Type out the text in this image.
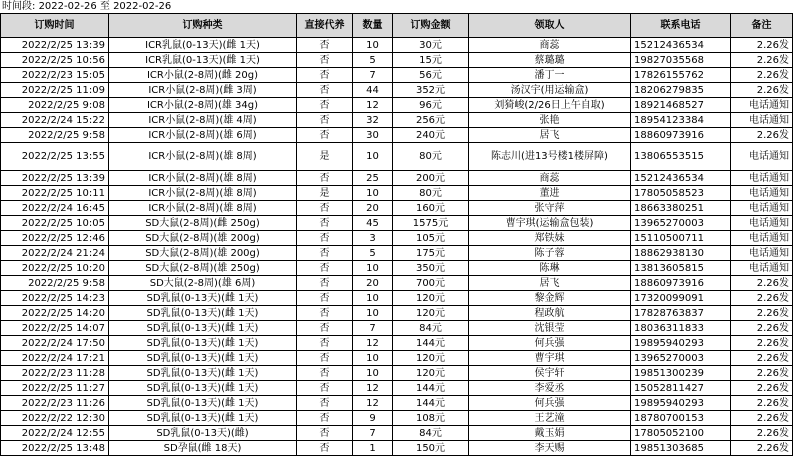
时间段: 2022-02-26 至 2022-02-26
订购时间	订购种类	直接代养	数量	订购金额	领取人	联系电话	备注
2022/2/25 13:39	ICR乳鼠(0-13天)(雌 1天)	否	10	30元	商蕊	15212436534	2.26发
2022/2/25 10:56	ICR乳鼠(0-13天)(雌 1天)	否	5	15元	蔡璐璐	19827035568	2.26发
2022/2/23 15:05	ICR小鼠(2-8周)(雌 20g)	否	7	56元	潘丁一	17826155762	2.26发
2022/2/25 11:09	ICR小鼠(2-8周)(雌 3周)	否	44	352元	汤汉宇(用运输盒)	18206279835	2.26发
2022/2/25 9:08	ICR小鼠(2-8周)(雄 34g)	否	12	96元	刘猗峻(2/26日上午自取)	18921468527	电话通知
2022/2/24 15:22	ICR小鼠(2-8周)(雄 4周)	否	32	256元	张艳	18954123384	电话通知
2022/2/25 9:58	ICR小鼠(2-8周)(雄 6周)	否	30	240元	居飞	18860973916	2.26发
2022/2/25 13:55	ICR小鼠(2-8周)(雄 8周)	是	10	80元	陈志川(进13号楼1楼屏障)	13806553515	电话通知
2022/2/25 13:39	ICR小鼠(2-8周)(雄 8周)	否	25	200元	商蕊	15212436534	电话通知
2022/2/25 10:11	ICR小鼠(2-8周)(雄 8周)	是	10	80元	董进	17805058523	电话通知
2022/2/24 16:45	ICR小鼠(2-8周)(雄 8周)	否	20	160元	张守萍	18663380251	电话通知
2022/2/25 10:05	SD大鼠(2-8周)(雌 250g)	否	45	1575元	曹宇琪(运输盒包装)	13965270003	电话通知
2022/2/25 12:46	SD大鼠(2-8周)(雄 200g)	否	3	105元	郑铁妹	15110500711	电话通知
2022/2/24 21:24	SD大鼠(2-8周)(雄 200g)	否	5	175元	陈子蓉	18862938130	电话通知
2022/2/25 10:20	SD大鼠(2-8周)(雄 250g)	否	10	350元	陈琳	13813605815	电话通知
2022/2/25 9:58	SD大鼠(2-8周)(雄 6周)	否	20	700元	居飞	18860973916	2.26发
2022/2/25 14:23	SD乳鼠(0-13天)(雌 1天)	否	10	120元	黎金辉	17320099091	2.26发
2022/2/25 14:20	SD乳鼠(0-13天)(雌 1天)	否	10	120元	程政航	17828763837	2.26发
2022/2/25 14:07	SD乳鼠(0-13天)(雌 1天)	否	7	84元	沈银莹	18036311833	2.26发
2022/2/24 17:50	SD乳鼠(0-13天)(雌 1天)	否	12	144元	何兵强	19895940293	2.26发
2022/2/24 17:21	SD乳鼠(0-13天)(雌 1天)	否	10	120元	曹宇琪	13965270003	2.26发
2022/2/23 11:28	SD乳鼠(0-13天)(雌 1天)	否	10	120元	侯宇轩	19851300239	2.26发
2022/2/25 11:27	SD乳鼠(0-13天)(雌 1天)	否	12	144元	李爱丞	15052811427	2.26发
2022/2/23 11:26	SD乳鼠(0-13天)(雌 1天)	否	12	144元	何兵强	19895940293	2.26发
2022/2/22 12:30	SD乳鼠(0-13天)(雌 1天)	否	9	108元	王艺潼	18780700153	2.26发
2022/2/24 12:55	SD乳鼠(0-13天)(雌)	否	7	84元	戴玉娟	17805052100	2.26发
2022/2/25 13:48	SD孕鼠(雌 18天)	否	1	150元	李天赐	19851303685	2.26发
